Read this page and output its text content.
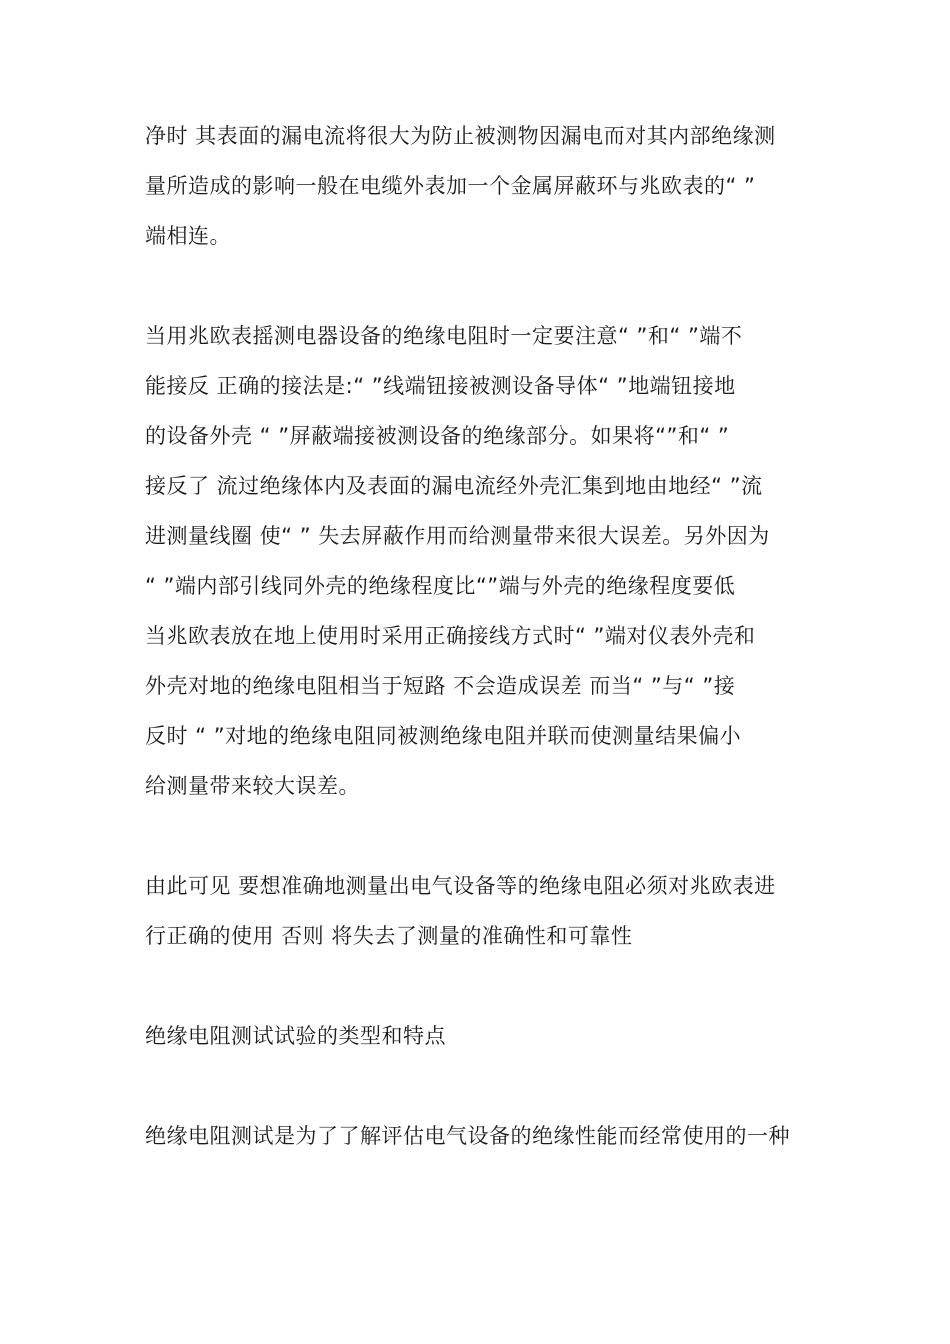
净时 其表面的漏电流将很大为防止被测物因漏电而对其内部绝缘测
量所造成的影响一般在电缆外表加一个金属屏蔽环与兆欧表的“ ”
端相连。
当用兆欧表摇测电器设备的绝缘电阻时一定要注意“ ”和“ ”端不
能接反 正确的接法是:“ ”线端钮接被测设备导体“ ”地端钮接地
的设备外壳 “ ”屏蔽端接被测设备的绝缘部分。如果将“”和“ ”
接反了 流过绝缘体内及表面的漏电流经外壳汇集到地由地经“ ”流
进测量线圈 使“ ” 失去屏蔽作用而给测量带来很大误差。另外因为
“ ”端内部引线同外壳的绝缘程度比“”端与外壳的绝缘程度要低
当兆欧表放在地上使用时采用正确接线方式时“ ”端对仪表外壳和
外壳对地的绝缘电阻相当于短路 不会造成误差 而当“ ”与“ ”接
反时 “ ”对地的绝缘电阻同被测绝缘电阻并联而使测量结果偏小
给测量带来较大误差。
由此可见 要想准确地测量出电气设备等的绝缘电阻必须对兆欧表进
行正确的使用 否则 将失去了测量的准确性和可靠性
绝缘电阻测试试验的类型和特点
绝缘电阻测试是为了了解评估电气设备的绝缘性能而经常使用的一种
